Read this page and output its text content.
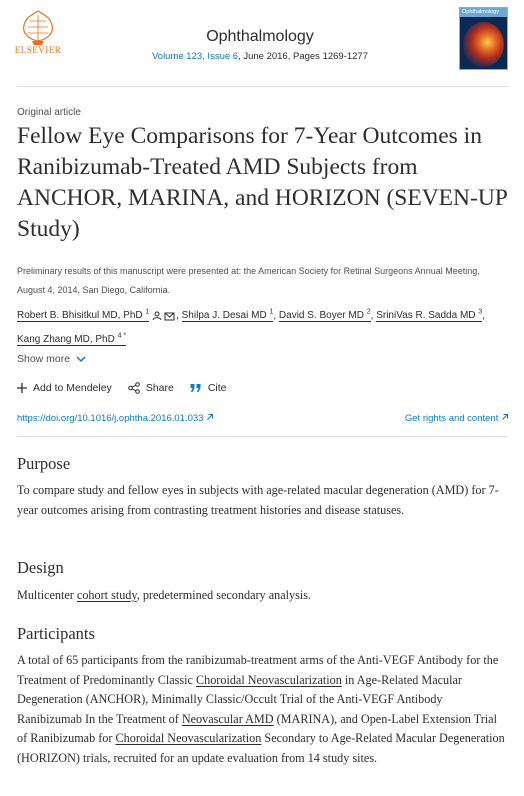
ELSEVIER
Ophthalmology
Volume 123, Issue 6, June 2016, Pages 1269-1277
Ophthalmology
Original article
Fellow Eye Comparisons for 7-Year Outcomes in Ranibizumab-Treated AMD Subjects from ANCHOR, MARINA, and HORIZON (SEVEN-UP Study)
Preliminary results of this manuscript were presented at: the American Society for Retinal Surgeons Annual Meeting, August 4, 2014, San Diego, California.
Robert B. Bhisitkul MD, PhD $^1$	, Shilpa J. Desai MD $^1$, David S. Boyer MD $^2$, SriniVas R. Sadda MD $^3$, Kang Zhang MD, PhD $^{4 *}$
Show more
Add to Mendeley	Share	Cite
https://doi.org/10.1016/j.ophtha.2016.01.033	Get rights and content
Purpose
To compare study and fellow eyes in subjects with age-related macular degeneration (AMD) for 7-year outcomes arising from contrasting treatment histories and disease statuses.
Design
Multicenter cohort study, predetermined secondary analysis.
Participants
A total of 65 participants from the ranibizumab-treatment arms of the Anti-VEGF Antibody for the Treatment of Predominantly Classic Choroidal Neovascularization in Age-Related Macular Degeneration (ANCHOR), Minimally Classic/Occult Trial of the Anti-VEGF Antibody Ranibizumab In the Treatment of Neovascular AMD (MARINA), and Open-Label Extension Trial of Ranibizumab for Choroidal Neovascularization Secondary to Age-Related Macular Degeneration (HORIZON) trials, recruited for an update evaluation from 14 study sites.
